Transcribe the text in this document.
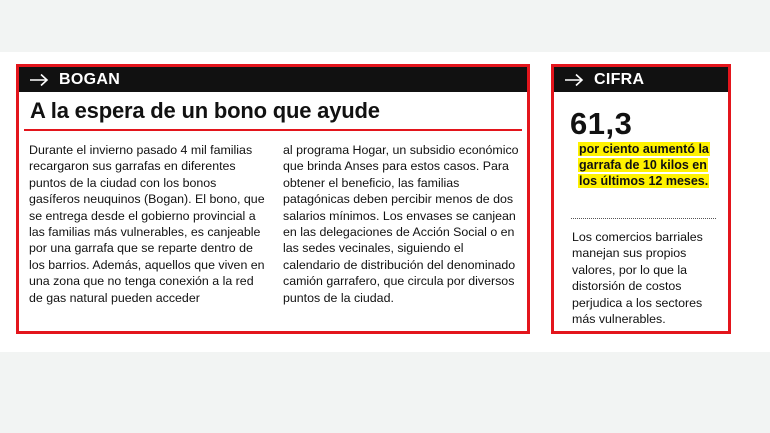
BOGAN
A la espera de un bono que ayude

Durante el invierno pasado 4 mil familias recargaron sus garrafas en diferentes puntos de la ciudad con los bonos gasíferos neuquinos (Bogan). El bono, que se entrega desde el gobierno provincial a las familias más vulnerables, es canjeable por una garrafa que se reparte dentro de los barrios. Además, aquellos que viven en una zona que no tenga conexión a la red de gas natural pueden acceder

al programa Hogar, un subsidio económico que brinda Anses para estos casos. Para obtener el beneficio, las familias patagónicas deben percibir menos de dos salarios mínimos. Los envases se canjean en las delegaciones de Acción Social o en las sedes vecinales, siguiendo el calendario de distribución del denominado camión garrafero, que circula por diversos puntos de la ciudad.

CIFRA
61,3
por ciento aumentó la garrafa de 10 kilos en los últimos 12 meses.

Los comercios barriales manejan sus propios valores, por lo que la distorsión de costos perjudica a los sectores más vulnerables.
